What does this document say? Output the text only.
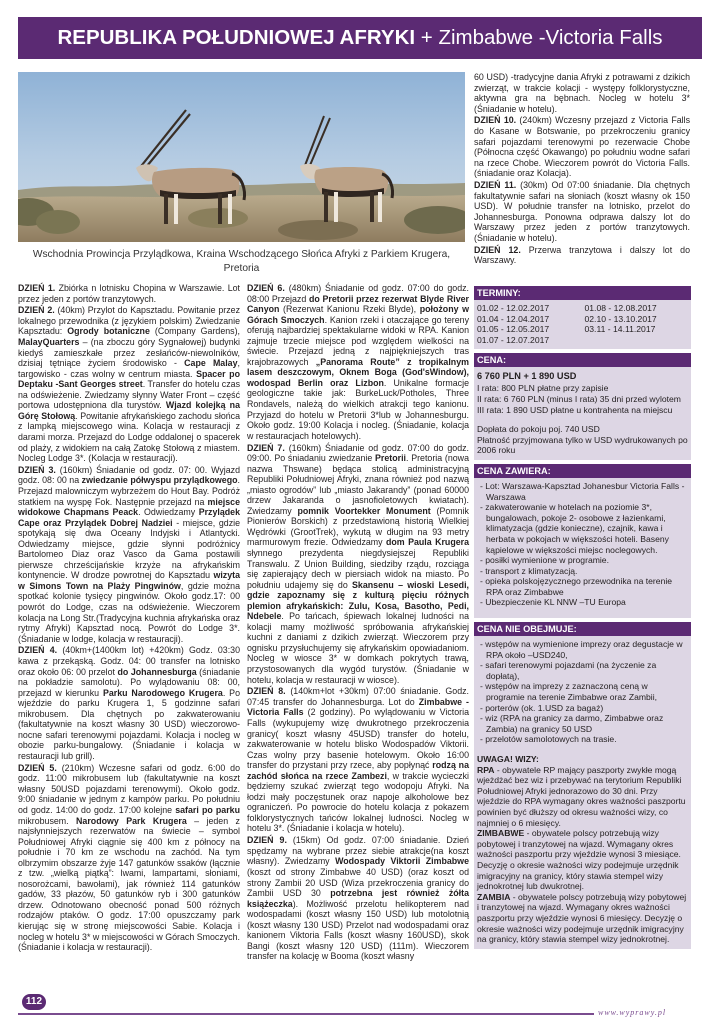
REPUBLIKA POŁUDNIOWEJ AFRYKI + Zimbabwe -Victoria Falls
Wschodnia Prowincja Przylądkowa, Kraina Wschodzącego Słońca Afryki z Parkiem Krugera, Pretoria
DZIEŃ 1. Zbiórka n lotnisku Chopina w Warszawie. Lot przez jeden z portów tranzytowych.
DZIEŃ 2. (40km) Przylot do Kapsztadu. Powitanie przez lokalnego przewodnika (z językiem polskim) Zwiedzanie Kapsztadu: Ogrody botaniczne (Company Gardens), MalayQuarters – (na zboczu góry Sygnałowej) budynki kiedyś zamieszkałe przez zesłańców-niewolników, dzisiaj tętniące życiem środowisko - Cape Malay, targowisko - czas wolny w centrum miasta. Spacer po Deptaku -Sant Georges street. Transfer do hotelu czas na odświeżenie. Zwiedzamy słynny Water Front – część portowa udostępniona dla turystów. Wjazd kolejką na Górę Stołową. Powitanie afrykańskiego zachodu słońca z lampką miejscowego wina. Kolacja w restauracji z darami morza. Przejazd do Lodge oddalonej o spacerek od plaży, z widokiem na całą Zatokę Stołową z miastem. Nocleg Lodge 3*. (Kolacja w restauracji).
DZIEŃ 3. (160km) Śniadanie od godz. 07: 00. Wyjazd godz. 08: 00 na zwiedzanie półwyspu przylądkowego. Przejazd malowniczym wybrzeżem do Hout Bay. Podróż statkiem na wyspę Fok. Następnie przejazd na miejsce widokowe Chapmans Peack. Odwiedzamy Przylądek Cape oraz Przylądek Dobrej Nadziei - miejsce, gdzie spotykają się dwa Oceany Indyjski i Atlantycki. Odwiedzamy miejsce, gdzie słynni podróżnicy Bartolomeo Diaz oraz Vasco da Gama postawili pierwsze chrześcijańskie krzyże na afrykańskim kontynencie. W drodze powrotnej do Kapsztadu wizyta w Simons Town na Plaży Pingwinów, gdzie można spotkać kolonie tysięcy pingwinów. Około godz.17: 00 powrót do Lodge, czas na odświeżenie. Wieczorem kolacja na Long Str.(Tradycyjna kuchnia afrykańska oraz rytmy Afryki) Kapsztad nocą. Powrót do Lodge 3*.(Śniadanie w lodge, kolacja w restauracji).
DZIEŃ 4. (40km+(1400km lot) +420km) Godz. 03:30 kawa z przekąską. Godz. 04: 00 transfer na lotnisko oraz około 06: 00 przelot do Johannesburga (śniadanie na pokładzie samolotu). Po wylądowaniu 08: 00, przejazd w kierunku Parku Narodowego Krugera. Po wjeździe do parku Krugera 1, 5 godzinne safari mikrobusem. Dla chętnych po zakwaterowaniu (fakultatywnie na koszt własny 30 USD) wieczorowo- nocne safari terenowymi pojazdami. Kolacja i nocleg w obozie parku-bungalowy. (Śniadanie i kolacja w restauracji lub grill).
DZIEŃ 5. (210km) Wczesne safari od godz. 6:00 do godz. 11:00 mikrobusem lub (fakultatywnie na koszt własny 50USD pojazdami terenowymi). Około godz. 9:00 śniadanie w jednym z kampów parku. Po południu od godz. 14:00 do godz. 17:00 kolejne safari po parku mikrobusem. Narodowy Park Krugera – jeden z najsłynniejszych rezerwatów na świecie – symbol Południowej Afryki ciągnie się 400 km z północy na południe i 70 km ze wschodu na zachód. Na tym olbrzymim obszarze żyje 147 gatunków ssaków (łącznie z tzw. „wielką piątką”: lwami, lampartami, słoniami, nosorożcami, bawołami), jak również 114 gatunków gadów, 33 płazów, 50 gatunków ryb i 300 gatunków drzew. Odnotowano obecność ponad 500 różnych rodzajów ptaków. O godz. 17:00 opuszczamy park kierując się w stronę miejscowości Sabie. Kolacja i nocleg w hotelu 3* w miejscowości w Górach Smoczych.(Śniadanie i kolacja w restauracji).
DZIEŃ 6. (480km) Śniadanie od godz. 07:00 do godz. 08:00 Przejazd do Pretorii przez rezerwat Blyde River Canyon (Rezerwat Kanionu Rzeki Blyde), położony w Górach Smoczych. Kanion rzeki i otaczające go tereny oferują najbardziej spektakularne widoki w RPA. Kanion zajmuje trzecie miejsce pod względem wielkości na świecie. Przejazd jedną z najpiękniejszych tras krajobrazowych „Panorama Route” z tropikalnym lasem deszczowym, Oknem Boga (God'sWindow), wodospad Berlin oraz Lizbon. Unikalne formacje geologiczne takie jak: BurkeLuck/Potholes, Three Rondavels, należą do wielkich atrakcji tego kanionu. Przyjazd do hotelu w Pretorii 3*lub w Johannesburgu. Około godz. 19:00 Kolacja i nocleg. (Śniadanie, kolacja w restauracjach hotelowych).
DZIEŃ 7. (160km) Śniadanie od godz. 07:00 do godz. 09:00. Po śniadaniu zwiedzanie Pretorii. Pretoria (nowa nazwa Thswane) będąca stolicą administracyjną Republiki Południowej Afryki, znana również pod nazwą „miasto ogrodów” lub „miasto Jakarandy” (ponad 60000 drzew Jakaranda o jasnofioletowych kwiatach). Zwiedzamy pomnik Voortekker Monument (Pomnik Pionierów Borskich) z przedstawioną historią Wielkiej Wędrówki (GrootTrek), wykutą w długim na 93 metry marmurowym frezie. Odwiedzamy dom Paula Krugera słynnego prezydenta niegdysiejszej Republiki Transwalu. Z Union Building, siedziby rządu, rozciąga się zapierający dech w piersiach widok na miasto. Po południu udajemy się do Skansenu – wioski Lesedi, gdzie zapoznamy się z kulturą pięciu różnych plemion afrykańskich: Zulu, Kosa, Basotho, Pedi, Ndebele. Po tańcach, śpiewach lokalnej ludności na kolacji mamy możliwość spróbowania afrykańskiej kuchni z daniami z dzikich zwierząt. Wieczorem przy ognisku przysłuchujemy się afrykańskim opowiadaniom. Nocleg w wiosce 3* w domkach pokrytych trawą, przystosowanych dla wygód turystów. (Śniadanie w hotelu, kolacja w restauracji w wiosce).
DZIEŃ 8. (140km+lot +30km) 07:00 śniadanie. Godz. 07:45 transfer do Johannesburga. Lot do Zimbabwe - Victoria Falls (2 godziny). Po wylądowaniu w Victoria Falls (wykupujemy wizę dwukrotnego przekroczenia granicy( koszt własny 45USD) transfer do hotelu, zakwaterowanie w hotelu blisko Wodospadów Viktorii. Czas wolny przy basenie hotelowym. Około 16:00 transfer do przystani przy rzece, aby popłynąć rodzą na zachód słońca na rzece Zambezi, w trakcie wycieczki będziemy szukać zwierząt tego wodopoju Afryki. Na łodzi mały poczęstunek oraz napoje alkoholowe bez ograniczeń. Po powrocie do hotelu kolacja z pokazem folklorystycznych tańców lokalnej ludności. Nocleg w hotelu 3*. (Śniadanie i kolacja w hotelu).
DZIEŃ 9. (15km) Od godz. 07:00 śniadanie. Dzień spędzamy na wybrane przez siebie atrakcje(na koszt własny). Zwiedzamy Wodospady Viktorii Zimbabwe (koszt od strony Zimbabwe 40 USD) (oraz koszt od strony Zambii 20 USD (Wiza przekroczenia granicy do Zambii USD 30 potrzebna jest również żółta książeczka). Możliwość przelotu helikopterem nad wodospadami (koszt własny 150 USD) lub motolotnią (koszt własny 130 USD) Przelot nad wodospadami oraz kanionem Viktoria Falls (koszt własny 160USD), skok Bangi (koszt własny 120 USD) (111m). Wieczorem transfer na kolację w Booma (koszt własny
60 USD) -tradycyjne dania Afryki z potrawami z dzikich zwierząt, w trakcie kolacji - występy folklorystyczne, aktywna gra na bębnach. Nocleg w hotelu 3* (Śniadanie w hotelu).
DZIEŃ 10. (240km) Wczesny przejazd z Victoria Falls do Kasane w Botswanie, po przekroczeniu granicy safari pojazdami terenowymi po rezerwacie Chobe (Północna część Okawango) po południu wodne safari na rzece Chobe. Wieczorem powrót do Victoria Falls. (śniadanie oraz Kolacja).
DZIEŃ 11. (30km) Od 07:00 śniadanie. Dla chętnych fakultatywnie safari na słoniach (koszt własny ok 150 USD). W południe transfer na lotnisko, przelot do Johannesburga. Ponowna odprawa dalszy lot do Warszawy przez jeden z portów tranzytowych.(Śniadanie w hotelu).
DZIEŃ 12. Przerwa tranzytowa i dalszy lot do Warszawy.
TERMINY:
01.02 - 12.02.2017	01.08 - 12.08.2017
01.04 - 12.04.2017	02.10 - 13.10.2017
01.05 - 12.05.2017	03.11 - 14.11.2017
01.07 - 12.07.2017
CENA:
6 760 PLN + 1 890 USD
I rata: 800 PLN płatne przy zapisie
II rata: 6 760 PLN (minus I rata) 35 dni przed wylotem
III rata: 1 890 USD płatne u kontrahenta na miejscu
Dopłata do pokoju poj. 740 USD
Płatność przyjmowana tylko w USD wydrukowanych po 2006 roku
CENA ZAWIERA:
- Lot: Warszawa-Kapsztad Johanesbur Victoria Falls -Warszawa
- zakwaterowanie w hotelach na poziomie 3*, bungalowach, pokoje 2- osobowe z łazienkami, klimatyzacja (gdzie konieczne), czajnik, kawa i herbata w pokojach w większości hoteli. Baseny kąpielowe w większości miejsc noclegowych.
- posiłki wymienione w programie.
- transport z klimatyzacją.
- opieka polskojęzycznego przewodnika na terenie RPA oraz Zimbabwe
- Ubezpieczenie KL NNW –TU Europa
CENA NIE OBEJMUJE:
- wstępów na wymienione imprezy oraz degustacje w RPA około –USD240,
- safari terenowymi pojazdami (na życzenie za dopłatą),
- wstępów na imprezy z zaznaczoną ceną w programie na terenie Zimbabwe oraz Zambii,
- porterów (ok. 1.USD za bagaż)
- wiz (RPA na granicy za darmo, Zimbabwe oraz Zambia) na granicy 50 USD
- przelotów samolotowych na trasie.
UWAGA! WIZY:
RPA - obywatele RP mający paszporty zwykłe mogą wjeżdżać bez wiz i przebywać na terytorium Republiki Południowej Afryki jednorazowo do 30 dni. Przy wjeździe do RPA wymagany okres ważności paszportu powinien być dłuższy od okresu ważności wizy, co najmniej o 6 miesięcy.
ZIMBABWE - obywatele polscy potrzebują wizy pobytowej i tranzytowej na wjazd. Wymagany okres ważności paszportu przy wjeździe wynosi 3 miesiące. Decyzję o okresie ważności wizy podejmuje urzędnik imigracyjny na granicy, który stawia stempel wizy jednokrotnej lub dwukrotnej.
ZAMBIA - obywatele polscy potrzebują wizy pobytowej i tranzytowej na wjazd. Wymagany okres ważności paszportu przy wjeździe wynosi 6 miesięcy. Decyzję o okresie ważności wizy podejmuje urzędnik imigracyjny na granicy, który stawia stempel wizy jednokrotnej.
112
www.wyprawy.pl
